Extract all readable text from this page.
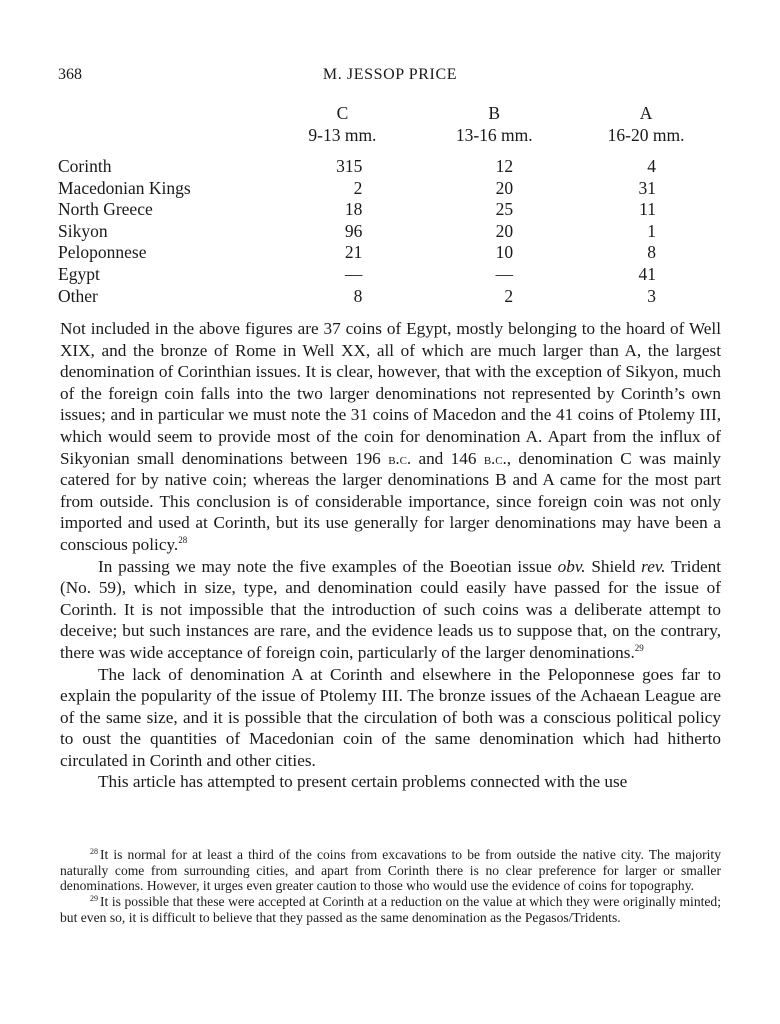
368	M. JESSOP PRICE
	C	B	A
	9-13 mm.	13-16 mm.	16-20 mm.
Corinth	315	12	4
Macedonian Kings	2	20	31
North Greece	18	25	11
Sikyon	96	20	1
Peloponnese	21	10	8
Egypt	—	—	41
Other	8	2	3

Not included in the above figures are 37 coins of Egypt, mostly belonging to the hoard of Well XIX, and the bronze of Rome in Well XX, all of which are much larger than A, the largest denomination of Corinthian issues. It is clear, however, that with the exception of Sikyon, much of the foreign coin falls into the two larger denominations not represented by Corinth’s own issues; and in particular we must note the 31 coins of Macedon and the 41 coins of Ptolemy III, which would seem to provide most of the coin for denomination A. Apart from the influx of Sikyonian small denominations between 196 b.c. and 146 b.c., denomination C was mainly catered for by native coin; whereas the larger denominations B and A came for the most part from outside. This conclusion is of considerable importance, since foreign coin was not only imported and used at Corinth, but its use generally for larger denominations may have been a conscious policy.$^{28}$

In passing we may note the five examples of the Boeotian issue obv. Shield rev. Trident (No. 59), which in size, type, and denomination could easily have passed for the issue of Corinth. It is not impossible that the introduction of such coins was a deliberate attempt to deceive; but such instances are rare, and the evidence leads us to suppose that, on the contrary, there was wide acceptance of foreign coin, particularly of the larger denominations.$^{29}$

The lack of denomination A at Corinth and elsewhere in the Peloponnese goes far to explain the popularity of the issue of Ptolemy III. The bronze issues of the Achaean League are of the same size, and it is possible that the circulation of both was a conscious political policy to oust the quantities of Macedonian coin of the same denomination which had hitherto circulated in Corinth and other cities.

This article has attempted to present certain problems connected with the use

$^{28}$ It is normal for at least a third of the coins from excavations to be from outside the native city. The majority naturally come from surrounding cities, and apart from Corinth there is no clear preference for larger or smaller denominations. However, it urges even greater caution to those who would use the evidence of coins for topography.

$^{29}$ It is possible that these were accepted at Corinth at a reduction on the value at which they were originally minted; but even so, it is difficult to believe that they passed as the same denomination as the Pegasos/Tridents.
